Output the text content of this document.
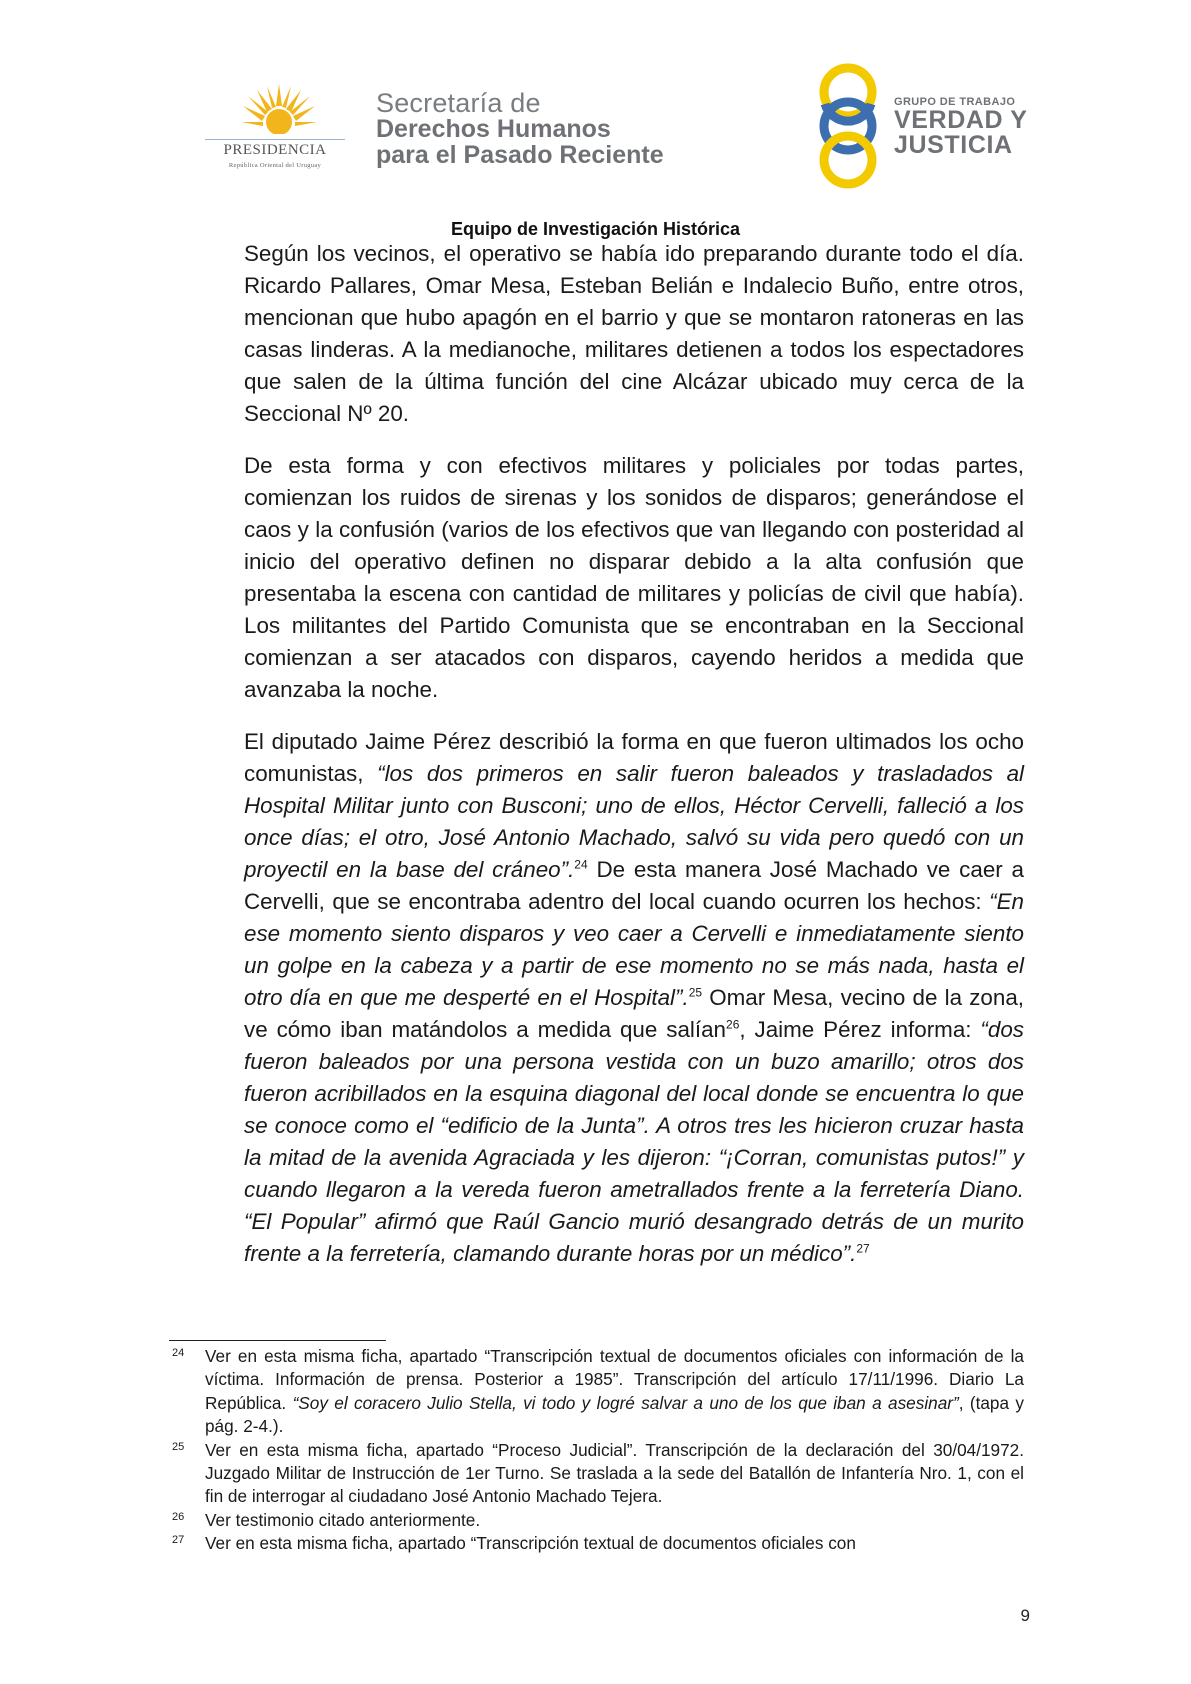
PRESIDENCIA
República Oriental del Uruguay
Secretaría de
Derechos Humanos
para el Pasado Reciente
GRUPO DE TRABAJO
VERDAD Y
JUSTICIA
Equipo de Investigación Histórica

Según los vecinos, el operativo se había ido preparando durante todo el día. Ricardo Pallares, Omar Mesa, Esteban Belián e Indalecio Buño, entre otros, mencionan que hubo apagón en el barrio y que se montaron ratoneras en las casas linderas. A la medianoche, militares detienen a todos los espectadores que salen de la última función del cine Alcázar ubicado muy cerca de la Seccional Nº 20.

De esta forma y con efectivos militares y policiales por todas partes, comienzan los ruidos de sirenas y los sonidos de disparos; generándose el caos y la confusión (varios de los efectivos que van llegando con posteridad al inicio del operativo definen no disparar debido a la alta confusión que presentaba la escena con cantidad de militares y policías de civil que había). Los militantes del Partido Comunista que se encontraban en la Seccional comienzan a ser atacados con disparos, cayendo heridos a medida que avanzaba la noche.

El diputado Jaime Pérez describió la forma en que fueron ultimados los ocho comunistas, “los dos primeros en salir fueron baleados y trasladados al Hospital Militar junto con Busconi; uno de ellos, Héctor Cervelli, falleció a los once días; el otro, José Antonio Machado, salvó su vida pero quedó con un proyectil en la base del cráneo”.$^{24}$ De esta manera José Machado ve caer a Cervelli, que se encontraba adentro del local cuando ocurren los hechos: “En ese momento siento disparos y veo caer a Cervelli e inmediatamente siento un golpe en la cabeza y a partir de ese momento no se más nada, hasta el otro día en que me desperté en el Hospital”.$^{25}$ Omar Mesa, vecino de la zona, ve cómo iban matándolos a medida que salían$^{26}$, Jaime Pérez informa: “dos fueron baleados por una persona vestida con un buzo amarillo; otros dos fueron acribillados en la esquina diagonal del local donde se encuentra lo que se conoce como el “edificio de la Junta”. A otros tres les hicieron cruzar hasta la mitad de la avenida Agraciada y les dijeron: “¡Corran, comunistas putos!” y cuando llegaron a la vereda fueron ametrallados frente a la ferretería Diano. “El Popular” afirmó que Raúl Gancio murió desangrado detrás de un murito frente a la ferretería, clamando durante horas por un médico”.$^{27}$

24 Ver en esta misma ficha, apartado “Transcripción textual de documentos oficiales con información de la víctima. Información de prensa. Posterior a 1985”. Transcripción del artículo 17/11/1996. Diario La República. “Soy el coracero Julio Stella, vi todo y logré salvar a uno de los que iban a asesinar”, (tapa y pág. 2-4.).

25 Ver en esta misma ficha, apartado “Proceso Judicial”. Transcripción de la declaración del 30/04/1972. Juzgado Militar de Instrucción de 1er Turno. Se traslada a la sede del Batallón de Infantería Nro. 1, con el fin de interrogar al ciudadano José Antonio Machado Tejera.

26 Ver testimonio citado anteriormente.

27 Ver en esta misma ficha, apartado “Transcripción textual de documentos oficiales con

9
